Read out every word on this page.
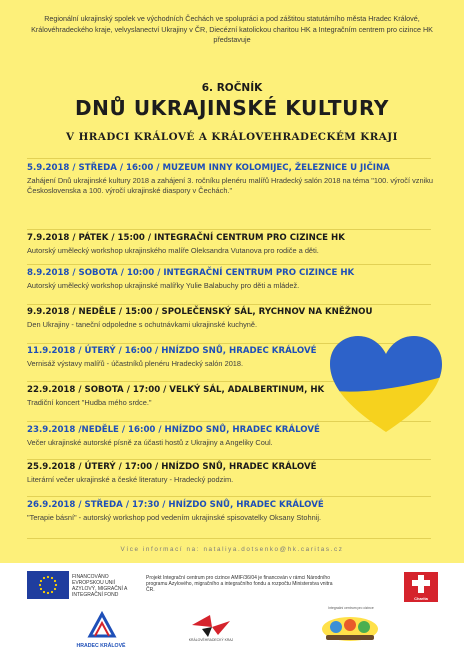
Regionální ukrajinský spolek ve východních Čechách ve spolupráci a pod záštitou statutárního města Hradec Králové, Královéhradeckého kraje, velvyslanectví Ukrajiny v ČR, Diecézní katolickou charitou HK a Integračním centrem pro cizince HK představuje
6. ROČNÍK
DNŮ UKRAJINSKÉ KULTURY
V HRADCI KRÁLOVÉ A KRÁLOVEHRADECKÉM KRAJI
5.9.2018 / STŘEDA / 16:00 / MUZEUM INNY KOLOMIJEC, ŽELEZNICE U JIČINA
Zahájení Dnů ukrajinské kultury 2018 a zahájení 3. ročníku plenéru malířů Hradecký salón 2018 na téma "100. výročí vzniku Československa a 100. výročí ukrajinské diaspory v Čechách."
7.9.2018 / PÁTEK / 15:00 / INTEGRAČNÍ CENTRUM PRO CIZINCE HK
Autorský umělecký workshop ukrajinského malíře Oleksandra Vutanova pro rodiče a děti.
8.9.2018 / SOBOTA / 10:00 / INTEGRAČNÍ CENTRUM PRO CIZINCE HK
Autorský umělecký workshop ukrajinské malířky Yulie Balabuchy pro děti a mládež.
9.9.2018 / NEDĚLE / 15:00 / SPOLEČENSKÝ SÁL, RYCHNOV NA KNĚŽNOU
Den Ukrajiny - taneční odpoledne s ochutnávkami ukrajinské kuchyně.
11.9.2018 / ÚTERÝ / 16:00 / HNÍZDO SNŮ, HRADEC KRÁLOVÉ
Vernisáž výstavy malířů - účastníků plenéru Hradecký salón 2018.
22.9.2018 / SOBOTA / 17:00 / VELKÝ SÁL, ADALBERTINUM, HK
Tradiční koncert "Hudba mého srdce."
23.9.2018 /NEDĚLE / 16:00 / HNÍZDO SNŮ, HRADEC KRÁLOVÉ
Večer ukrajinské autorské písně za účasti hostů z Ukrajiny a Angeliky Coul.
25.9.2018 / ÚTERÝ / 17:00 / HNÍZDO SNŮ, HRADEC KRÁLOVÉ
Literární večer ukrajinské a české literatury - Hradecký podzim.
26.9.2018 / STŘEDA / 17:30 / HNÍZDO SNŮ, HRADEC KRÁLOVÉ
"Terapie básní" - autorský workshop pod vedením ukrajinské spisovatelky Oksany Stohnij.
Více informací na: nataliya.dotsenko@hk.caritas.cz
FINANCOVÁNO EVROPSKOU UNIÍ AZYLOVÝ, MIGRAČNÍ A INTEGRAČNÍ FOND
HRADEC KRÁLOVÉ
Projekt Integrační centrum pro cizince AMIF/36/04 je financován v rámci Národního programu Azylového, migračního a integračního fondu a rozpočtu Ministerstva vnitra ČR.
KRÁLOVÉHRADECKÝ KRAJ
Integrační centrum pro cizince
Charita
